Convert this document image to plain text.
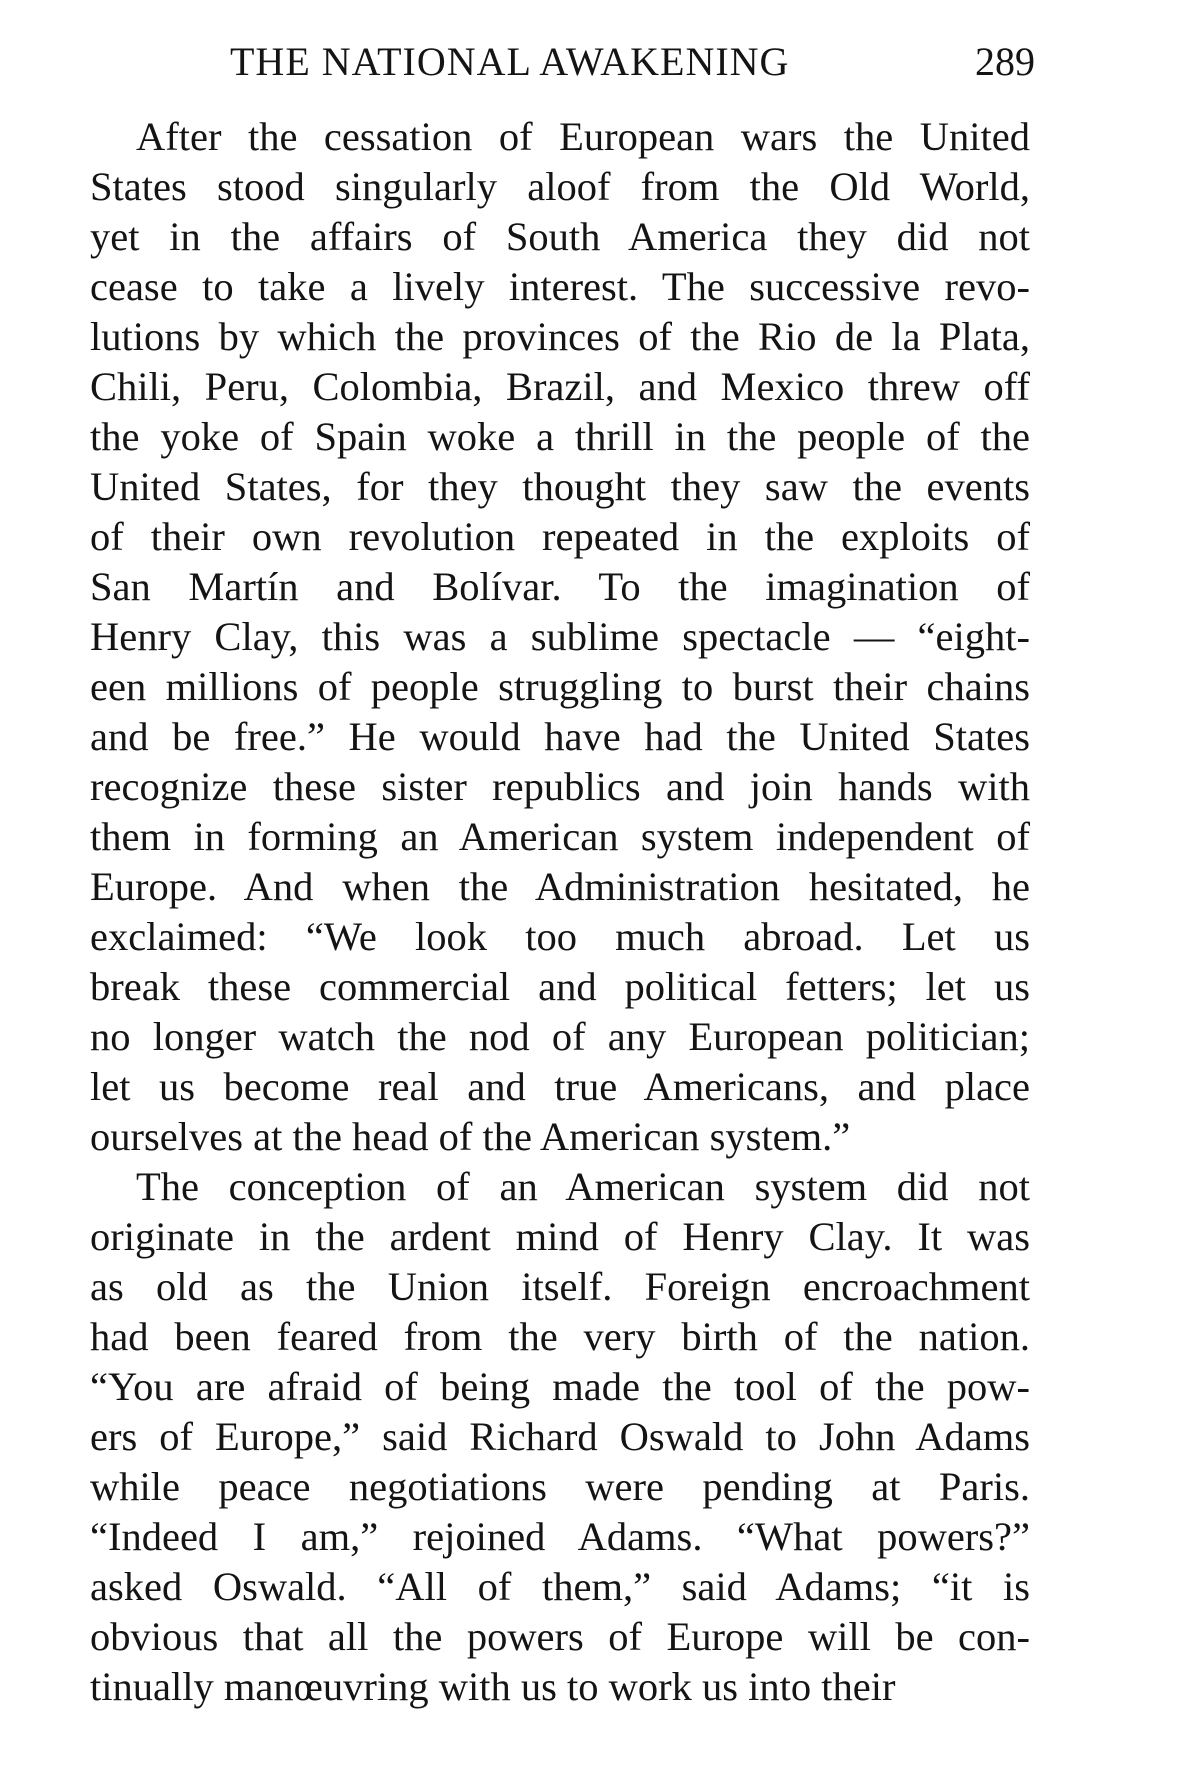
THE NATIONAL AWAKENING	289
After the cessation of European wars the United
States stood singularly aloof from the Old World,
yet in the affairs of South America they did not
cease to take a lively interest. The successive revo-
lutions by which the provinces of the Rio de la Plata,
Chili, Peru, Colombia, Brazil, and Mexico threw off
the yoke of Spain woke a thrill in the people of the
United States, for they thought they saw the events
of their own revolution repeated in the exploits of
San Martín and Bolívar. To the imagination of
Henry Clay, this was a sublime spectacle — “eight-
een millions of people struggling to burst their chains
and be free.” He would have had the United States
recognize these sister republics and join hands with
them in forming an American system independent of
Europe. And when the Administration hesitated, he
exclaimed: “We look too much abroad. Let us
break these commercial and political fetters; let us
no longer watch the nod of any European politician;
let us become real and true Americans, and place
ourselves at the head of the American system.”
The conception of an American system did not
originate in the ardent mind of Henry Clay. It was
as old as the Union itself. Foreign encroachment
had been feared from the very birth of the nation.
“You are afraid of being made the tool of the pow-
ers of Europe,” said Richard Oswald to John Adams
while peace negotiations were pending at Paris.
“Indeed I am,” rejoined Adams. “What powers?”
asked Oswald. “All of them,” said Adams; “it is
obvious that all the powers of Europe will be con-
tinually manœuvring with us to work us into their
